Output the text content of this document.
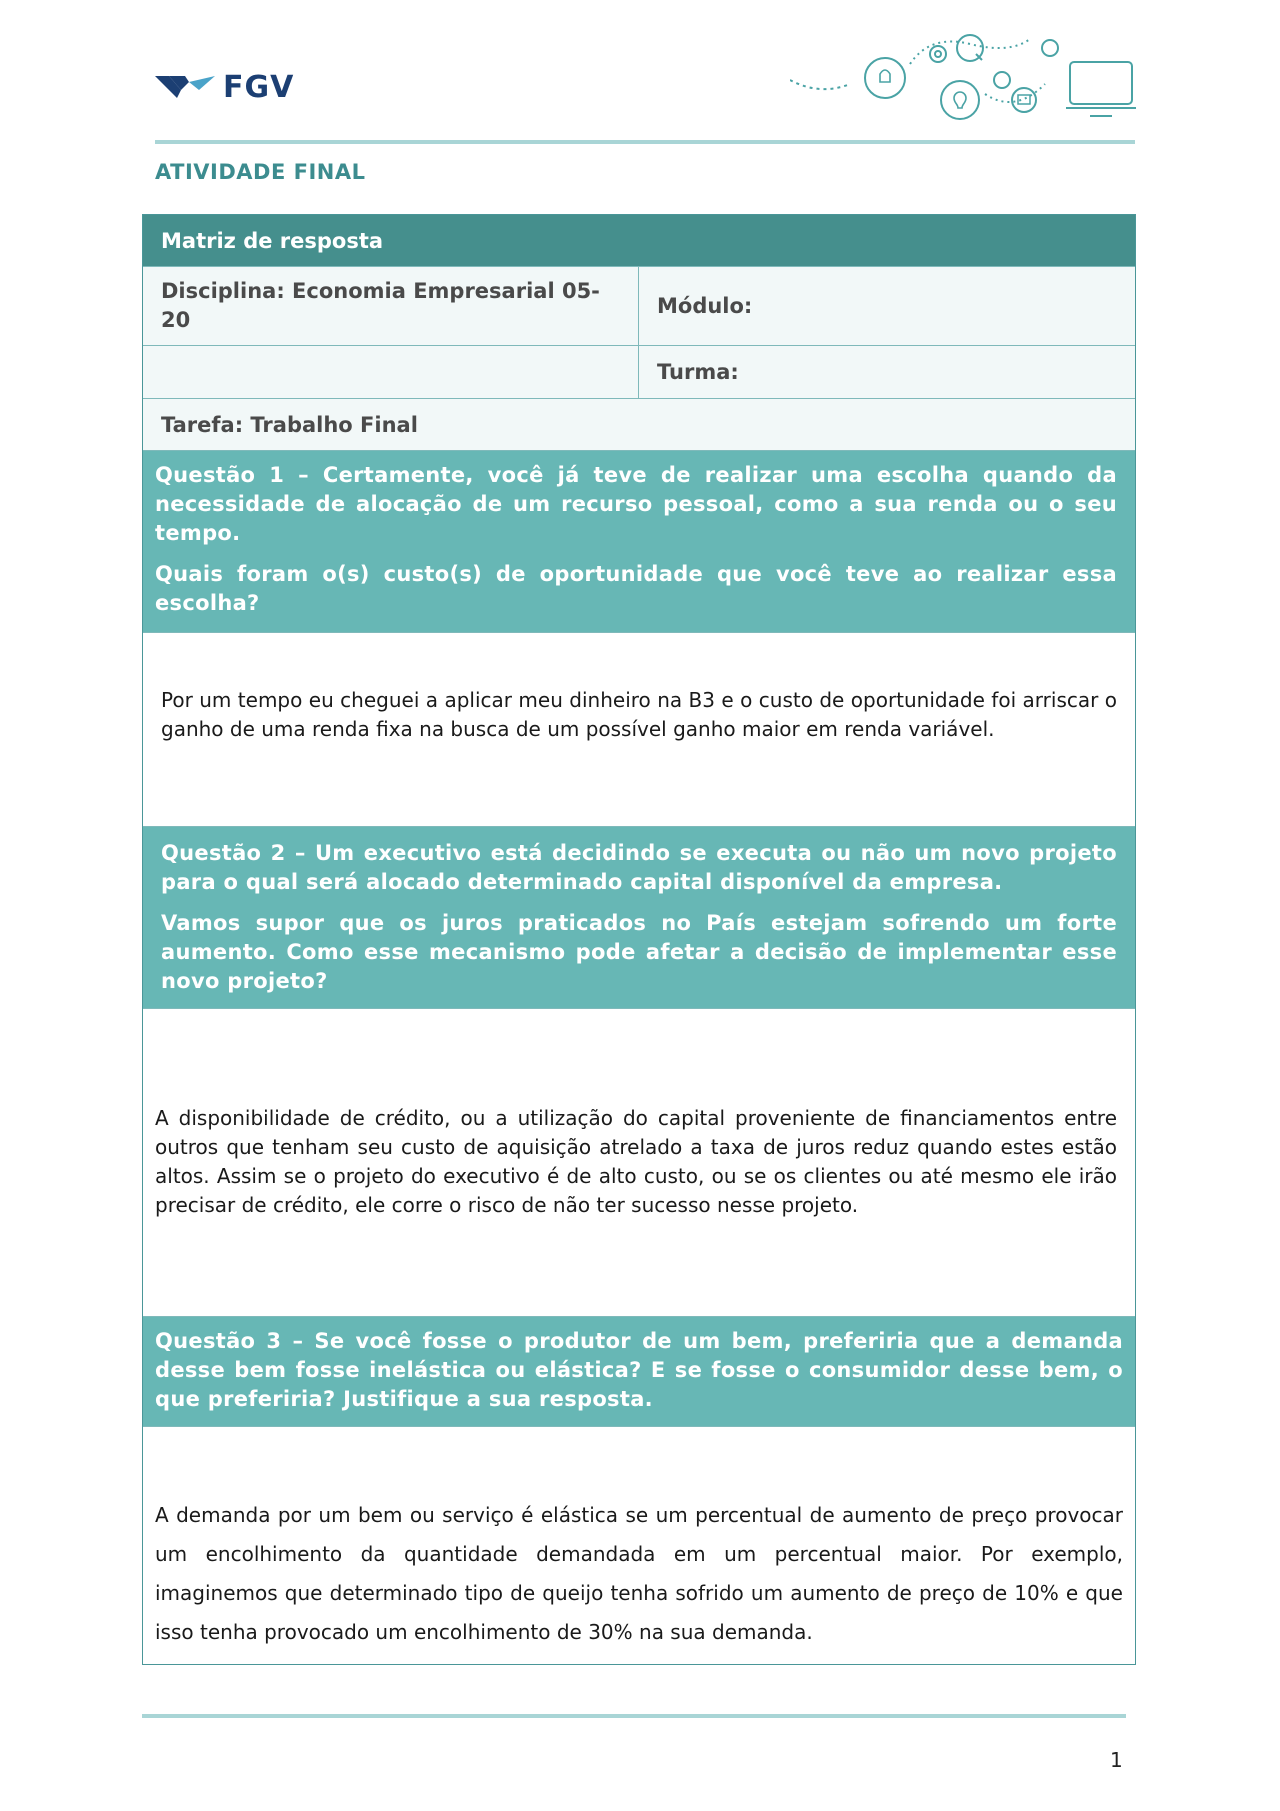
FGV
ATIVIDADE FINAL
Matriz de resposta
Disciplina: Economia Empresarial 05-20
Módulo:
Turma:
Tarefa: Trabalho Final

Questão 1 – Certamente, você já teve de realizar uma escolha quando da necessidade de alocação de um recurso pessoal, como a sua renda ou o seu tempo.

Quais foram o(s) custo(s) de oportunidade que você teve ao realizar essa escolha?

Por um tempo eu cheguei a aplicar meu dinheiro na B3 e o custo de oportunidade foi arriscar o ganho de uma renda fixa na busca de um possível ganho maior em renda variável.

Questão 2 – Um executivo está decidindo se executa ou não um novo projeto para o qual será alocado determinado capital disponível da empresa.

Vamos supor que os juros praticados no País estejam sofrendo um forte aumento. Como esse mecanismo pode afetar a decisão de implementar esse novo projeto?

A disponibilidade de crédito, ou a utilização do capital proveniente de financiamentos entre outros que tenham seu custo de aquisição atrelado a taxa de juros reduz quando estes estão altos. Assim se o projeto do executivo é de alto custo, ou se os clientes ou até mesmo ele irão precisar de crédito, ele corre o risco de não ter sucesso nesse projeto.

Questão 3 – Se você fosse o produtor de um bem, preferiria que a demanda desse bem fosse inelástica ou elástica? E se fosse o consumidor desse bem, o que preferiria? Justifique a sua resposta.

A demanda por um bem ou serviço é elástica se um percentual de aumento de preço provocar um encolhimento da quantidade demandada em um percentual maior. Por exemplo, imaginemos que determinado tipo de queijo tenha sofrido um aumento de preço de 10% e que isso tenha provocado um encolhimento de 30% na sua demanda.

1
